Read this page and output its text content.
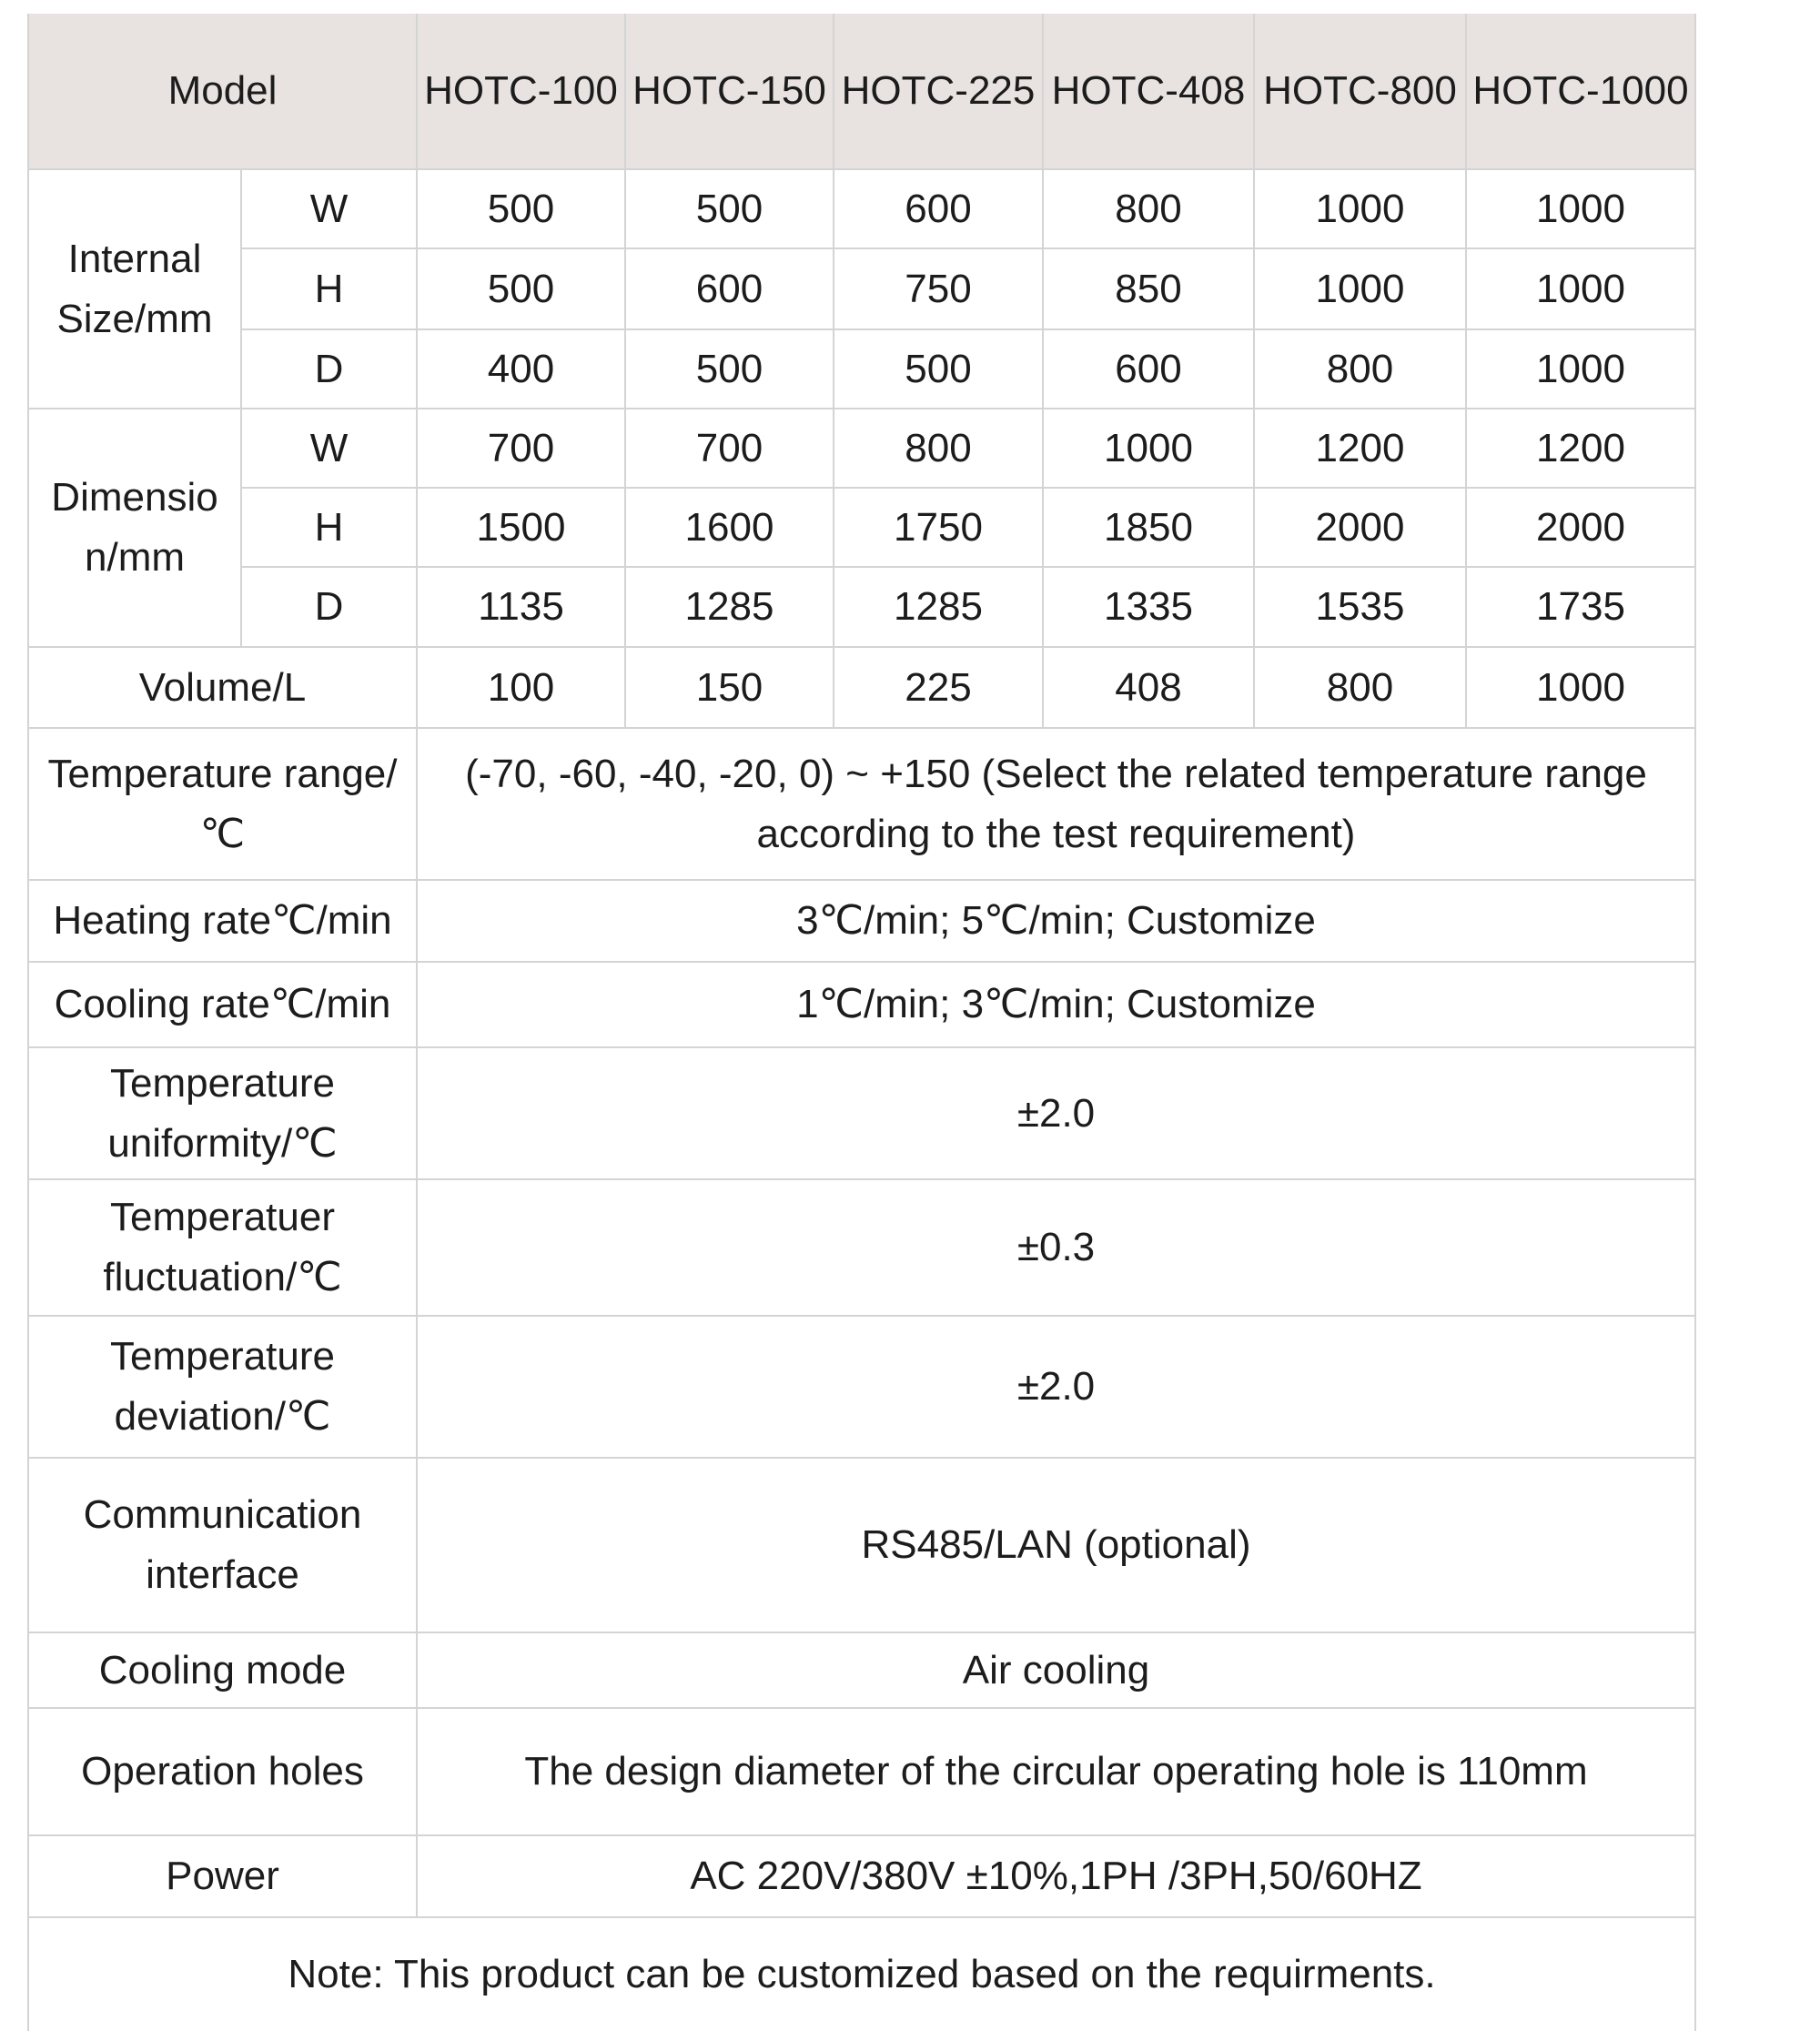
Model		HOTC-100	HOTC-150	HOTC-225	HOTC-408	HOTC-800	HOTC-1000
Internal Size/mm	W	500	500	600	800	1000	1000
	H	500	600	750	850	1000	1000
	D	400	500	500	600	800	1000
Dimension/mm	W	700	700	800	1000	1200	1200
	H	1500	1600	1750	1850	2000	2000
	D	1135	1285	1285	1335	1535	1735
Volume/L		100	150	225	408	800	1000
Temperature range/℃		(-70, -60, -40, -20, 0) ~ +150 (Select the related temperature range according to the test requirement)					
Heating rate℃/min		3℃/min; 5℃/min; Customize					
Cooling rate℃/min		1℃/min; 3℃/min; Customize					
Temperature uniformity/℃		±2.0					
Temperatuer fluctuation/℃		±0.3					
Temperature deviation/℃		±2.0					
Communication interface		RS485/LAN (optional)					
Cooling mode		Air cooling					
Operation holes		The design diameter of the circular operating hole is 110mm					
Power		AC 220V/380V ±10%,1PH /3PH,50/60HZ					
Note: This product can be customized based on the requirments.							
